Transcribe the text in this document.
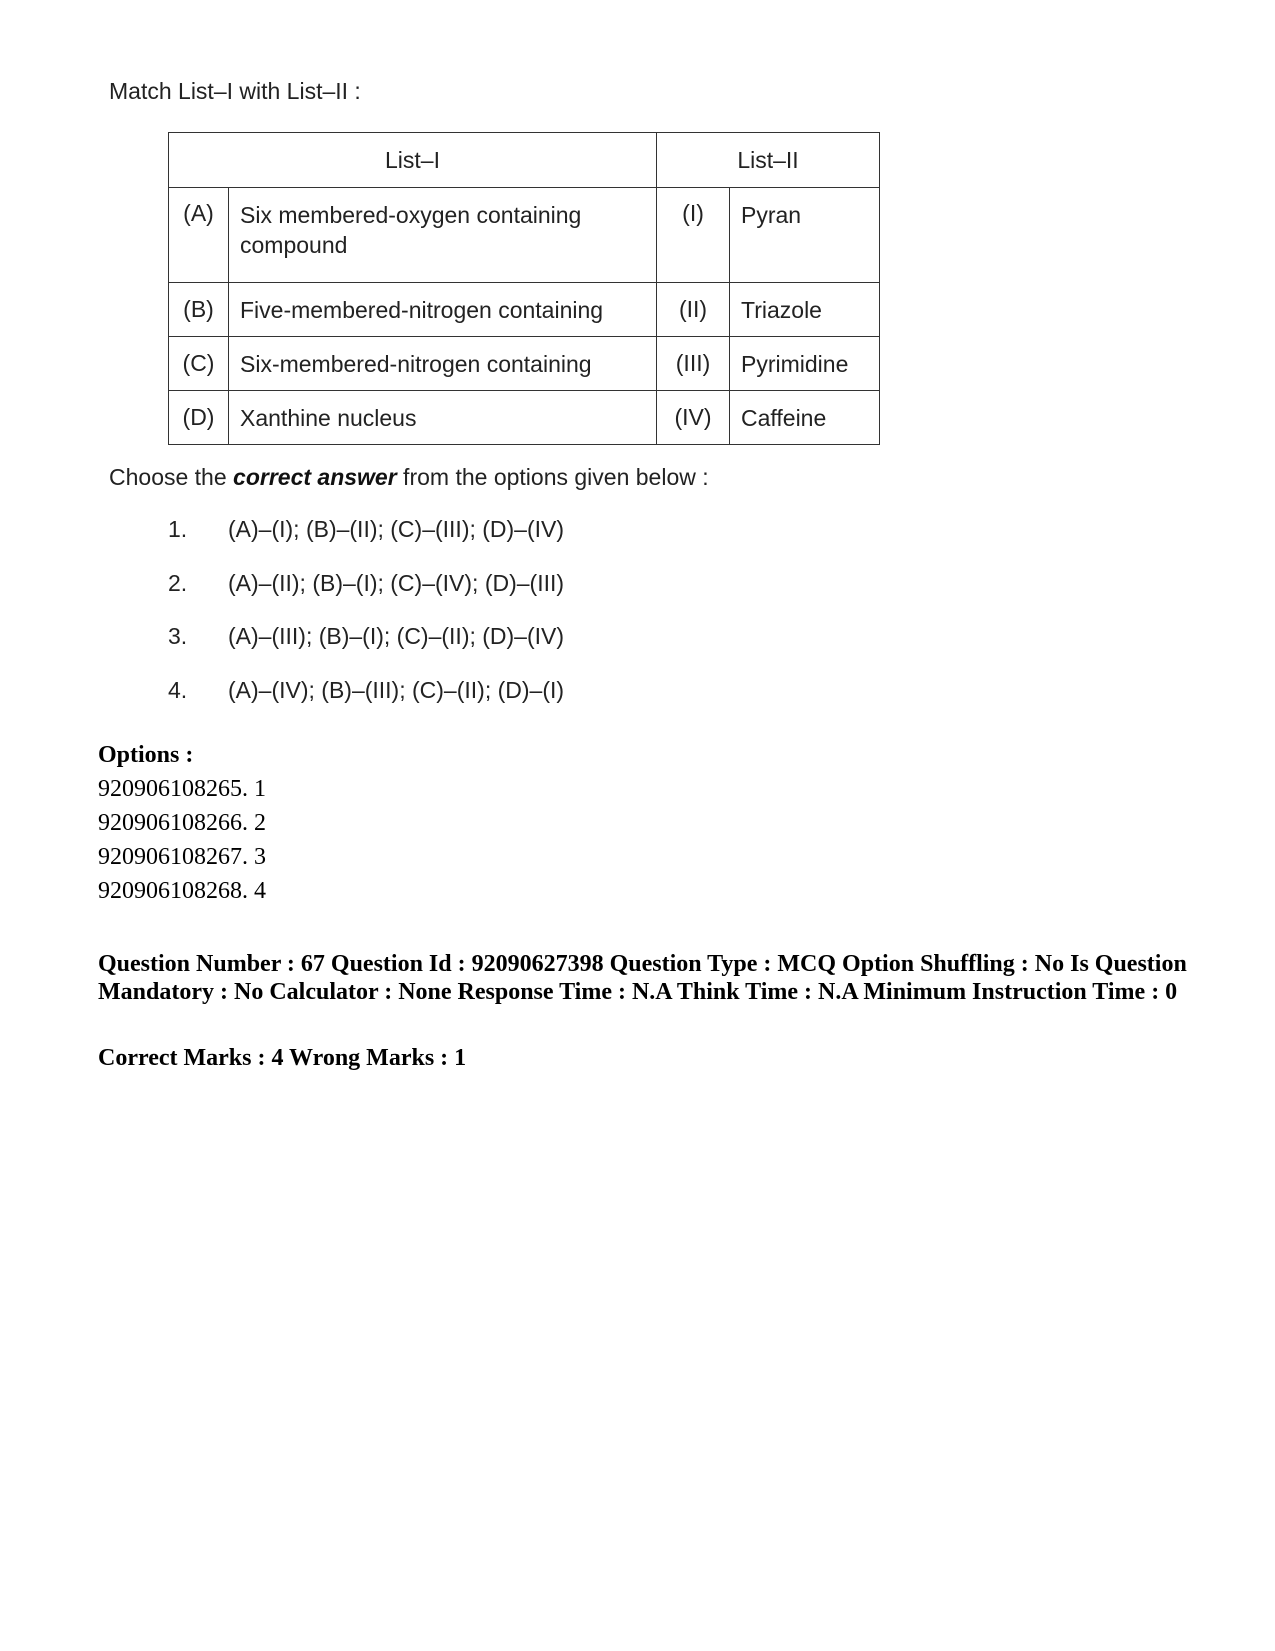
Match List–I with List–II :

List–I		List–II	
(A)	Six membered-oxygen containing compound	(I)	Pyran
(B)	Five-membered-nitrogen containing	(II)	Triazole
(C)	Six-membered-nitrogen containing	(III)	Pyrimidine
(D)	Xanthine nucleus	(IV)	Caffeine

Choose the correct answer from the options given below :

1.	(A)–(I); (B)–(II); (C)–(III); (D)–(IV)
2.	(A)–(II); (B)–(I); (C)–(IV); (D)–(III)
3.	(A)–(III); (B)–(I); (C)–(II); (D)–(IV)
4.	(A)–(IV); (B)–(III); (C)–(II); (D)–(I)
Options :
920906108265. 1
920906108266. 2
920906108267. 3
920906108268. 4

Question Number : 67 Question Id : 92090627398 Question Type : MCQ Option Shuffling : No Is Question Mandatory : No Calculator : None Response Time : N.A Think Time : N.A Minimum Instruction Time : 0

Correct Marks : 4 Wrong Marks : 1
